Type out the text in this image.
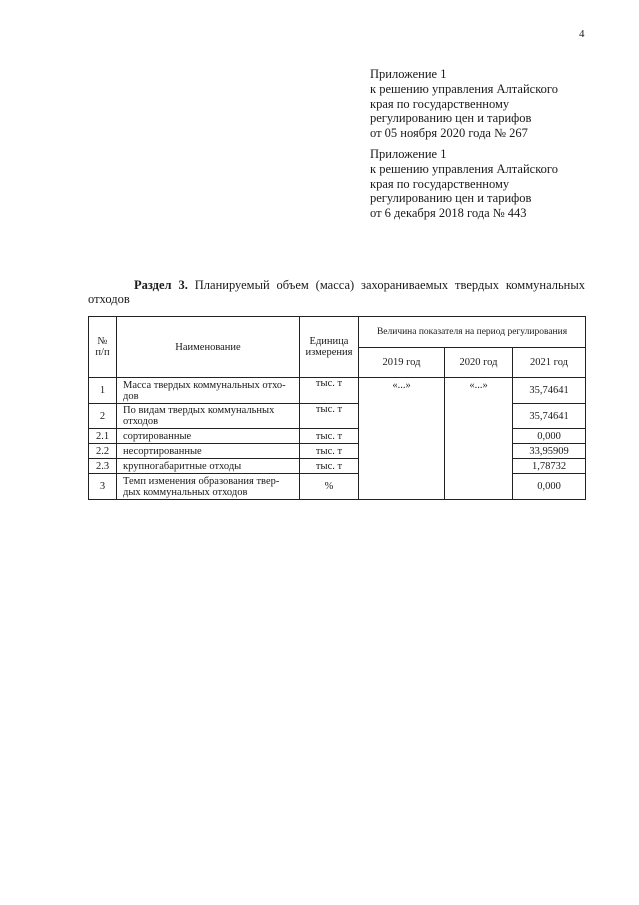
4
Приложение 1
к решению управления Алтайского
края по государственному
регулированию цен и тарифов
от 05 ноября 2020 года № 267
Приложение 1
к решению управления Алтайского
края по государственному
регулированию цен и тарифов
от 6 декабря 2018 года № 443
Раздел 3. Планируемый объем (масса) захораниваемых твердых коммунальных отходов
№ п/п	Наименование	Единица измерения	Величина показателя на период регулирования		
			2019 год	2020 год	2021 год
1	Масса твердых коммунальных отхо-дов	тыс. т	«...»	«...»	35,74641
2	По видам твердых коммунальных отходов	тыс. т			35,74641
2.1	сортированные	тыс. т			0,000
2.2	несортированные	тыс. т			33,95909
2.3	крупногабаритные отходы	тыс. т			1,78732
3	Темп изменения образования твер-дых коммунальных отходов	%			0,000
